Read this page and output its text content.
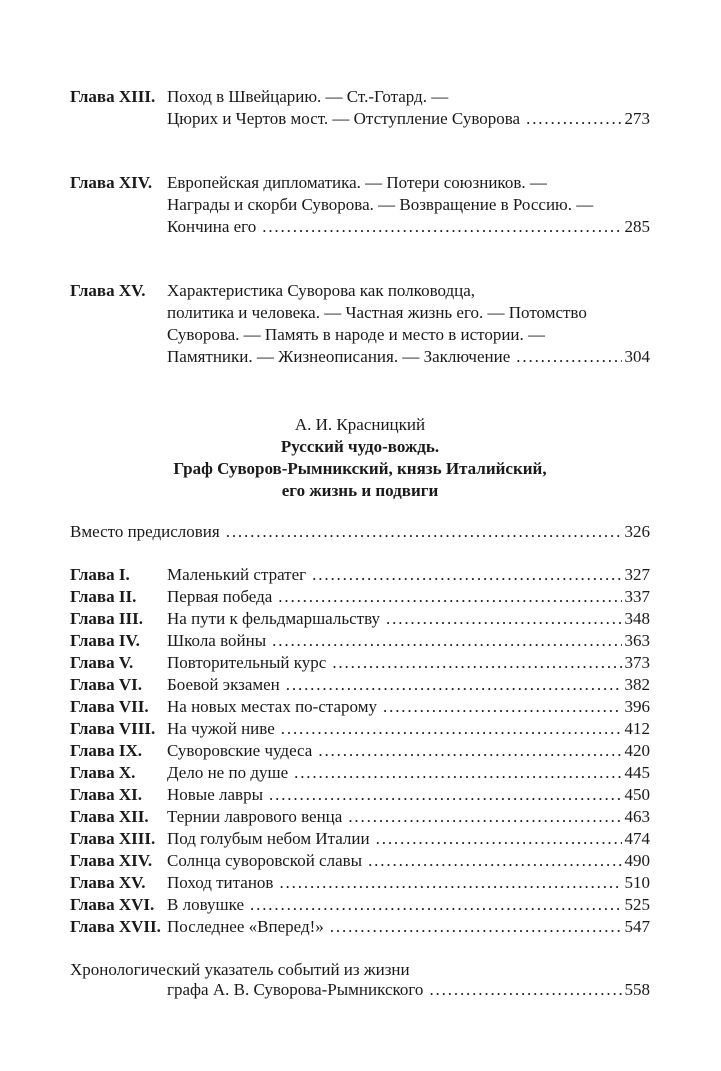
Глава XIII. Поход в Швейцарию. — Ст.-Готард. —
Цюрих и Чертов мост. — Отступление Суворова . . .	273
Глава XIV. Европейская дипломатика. — Потери союзников. —
Награды и скорби Суворова. — Возвращение в Россию. —
Кончина его . . .	285
Глава XV.	Характеристика Суворова как полководца,
политика и человека. — Частная жизнь его. — Потомство
Суворова. — Память в народе и место в истории. —
Памятники. — Жизнеописания. — Заключение . . .	304
А. И. Красницкий
Русский чудо-вождь.
Граф Суворов-Рымникский, князь Италийский,
его жизнь и подвиги
Вместо предисловия . . .	326
Глава I.	Маленький стратег . . .	327
Глава II.	Первая победа . . .	337
Глава III.	На пути к фельдмаршальству . . .	348
Глава IV.	Школа войны . . .	363
Глава V.	Повторительный курс . . .	373
Глава VI.	Боевой экзамен . . .	382
Глава VII.	На новых местах по-старому . . .	396
Глава VIII. На чужой ниве . . .	412
Глава IX.	Суворовские чудеса . . .	420
Глава X.	Дело не по душе . . .	445
Глава XI.	Новые лавры . . .	450
Глава XII.	Тернии лаврового венца . . .	463
Глава XIII. Под голубым небом Италии . . .	474
Глава XIV. Солнца суворовской славы . . .	490
Глава XV.	Поход титанов . . .	510
Глава XVI. В ловушке . . .	525
Глава XVII. Последнее «Вперед!» . . .	547
Хронологический указатель событий из жизни
графа А. В. Суворова-Рымникского . . .	558
